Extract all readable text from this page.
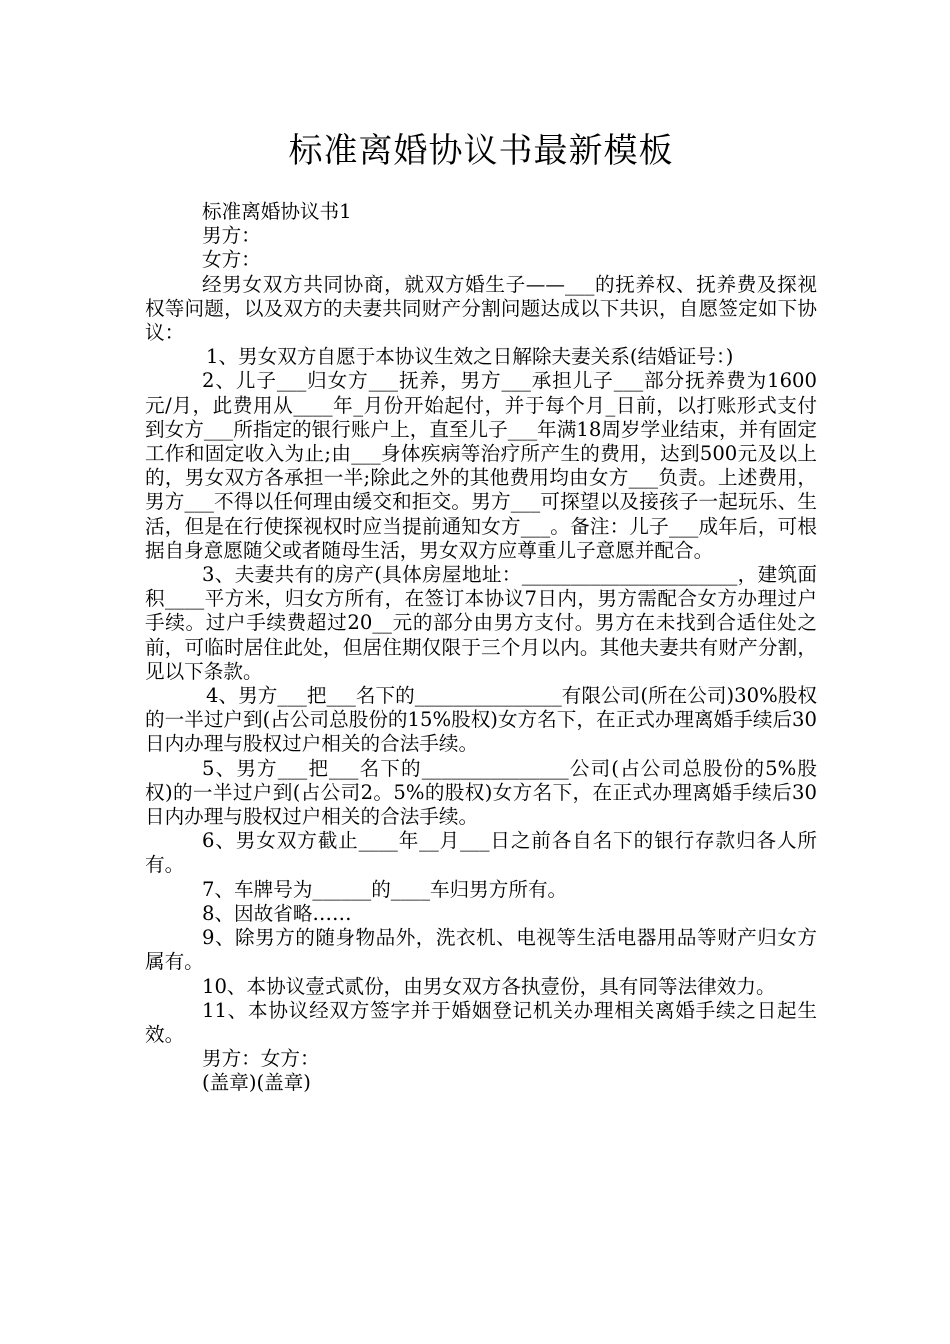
标准离婚协议书最新模板

标准离婚协议书1

男方：

女方：

经男女双方共同协商，就双方婚生子——___的抚养权、抚养费及探视权等问题，以及双方的夫妻共同财产分割问题达成以下共识，自愿签定如下协议：

1、男女双方自愿于本协议生效之日解除夫妻关系(结婚证号：)

2、儿子___归女方___抚养，男方___承担儿子___部分抚养费为1600元/月，此费用从____年_月份开始起付，并于每个月_日前，以打账形式支付到女方___所指定的银行账户上，直至儿子___年满18周岁学业结束，并有固定工作和固定收入为止;由___身体疾病等治疗所产生的费用，达到500元及以上的，男女双方各承担一半;除此之外的其他费用均由女方___负责。上述费用，男方___不得以任何理由缓交和拒交。男方___可探望以及接孩子一起玩乐、生活，但是在行使探视权时应当提前通知女方___。备注：儿子___成年后，可根据自身意愿随父或者随母生活，男女双方应尊重儿子意愿并配合。

3、夫妻共有的房产(具体房屋地址：______________________，建筑面积____平方米，归女方所有，在签订本协议7日内，男方需配合女方办理过户手续。过户手续费超过20__元的部分由男方支付。男方在未找到合适住处之前，可临时居住此处，但居住期仅限于三个月以内。其他夫妻共有财产分割，见以下条款。

4、男方___把___名下的_______________有限公司(所在公司)30%股权的一半过户到(占公司总股份的15%股权)女方名下，在正式办理离婚手续后30日内办理与股权过户相关的合法手续。

5、男方___把___名下的_______________公司(占公司总股份的5%股权)的一半过户到(占公司2。5%的股权)女方名下，在正式办理离婚手续后30日内办理与股权过户相关的合法手续。

6、男女双方截止____年__月___日之前各自名下的银行存款归各人所有。

7、车牌号为______的____车归男方所有。

8、因故省略……

9、除男方的随身物品外，洗衣机、电视等生活电器用品等财产归女方属有。

10、本协议壹式贰份，由男女双方各执壹份，具有同等法律效力。

11、本协议经双方签字并于婚姻登记机关办理相关离婚手续之日起生效。

男方：女方：

(盖章)(盖章)
